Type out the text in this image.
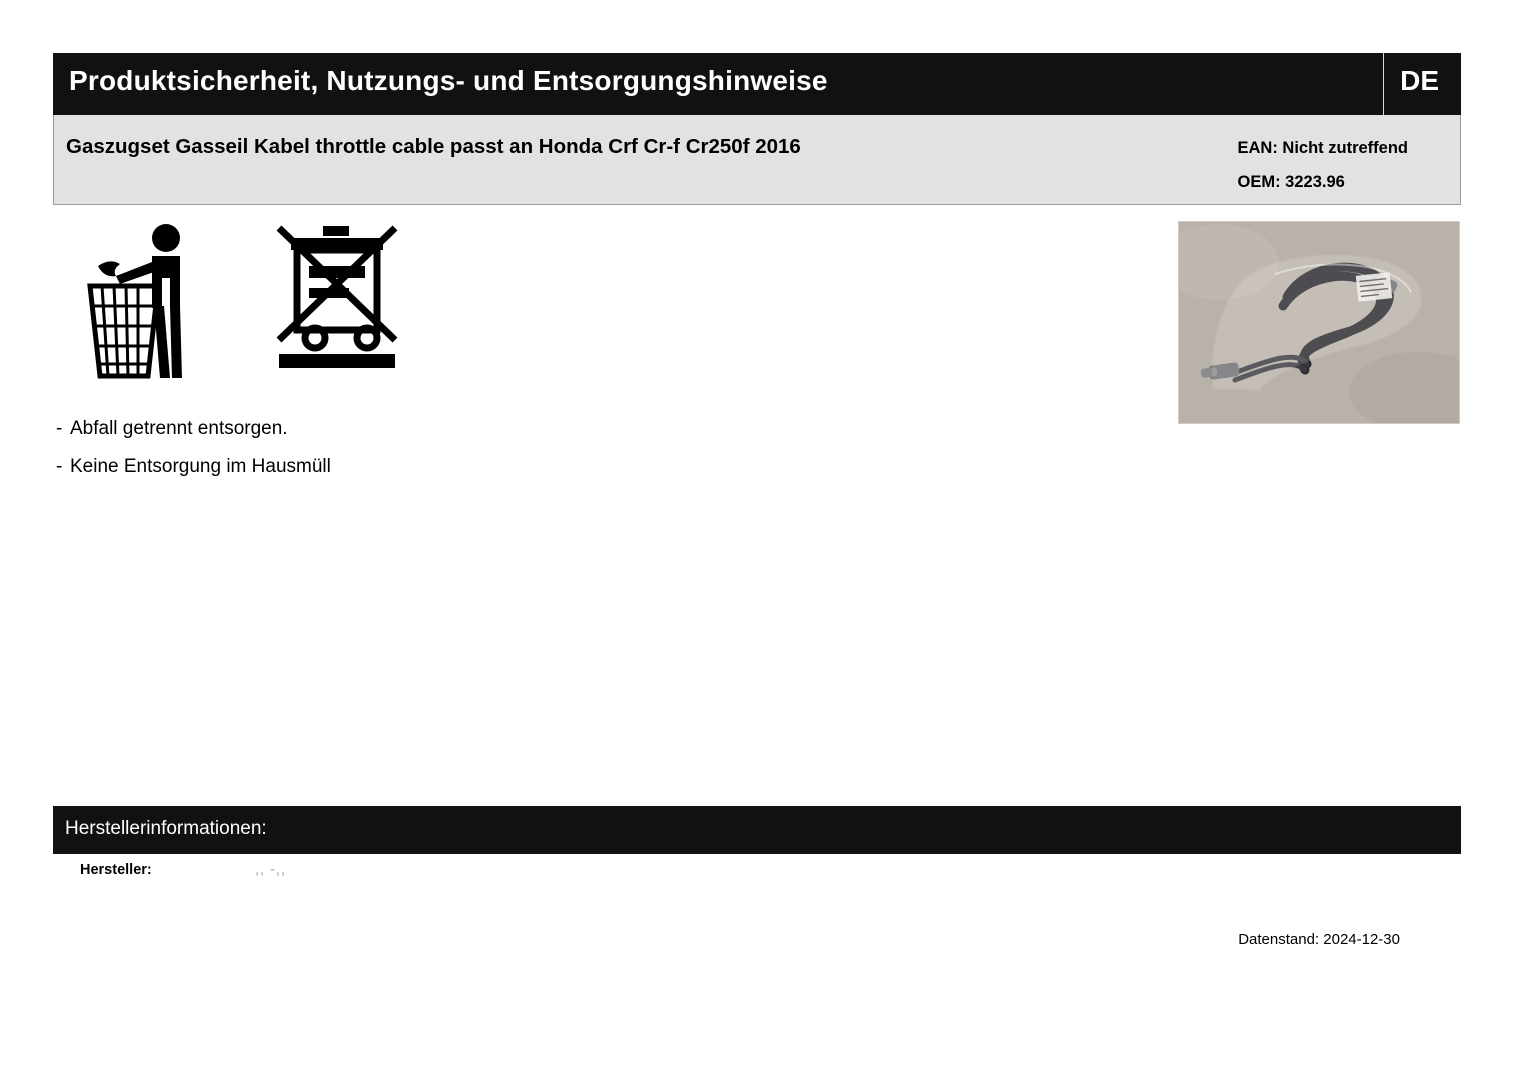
Produktsicherheit, Nutzungs- und Entsorgungshinweise	DE
Gaszugset Gasseil Kabel throttle cable passt an Honda Crf Cr-f Cr250f 2016	EAN: Nicht zutreffend
OEM: 3223.96
- Abfall getrennt entsorgen.
- Keine Entsorgung im Hausmüll
Herstellerinformationen:
Hersteller:	,, -,,
Datenstand: 2024-12-30
